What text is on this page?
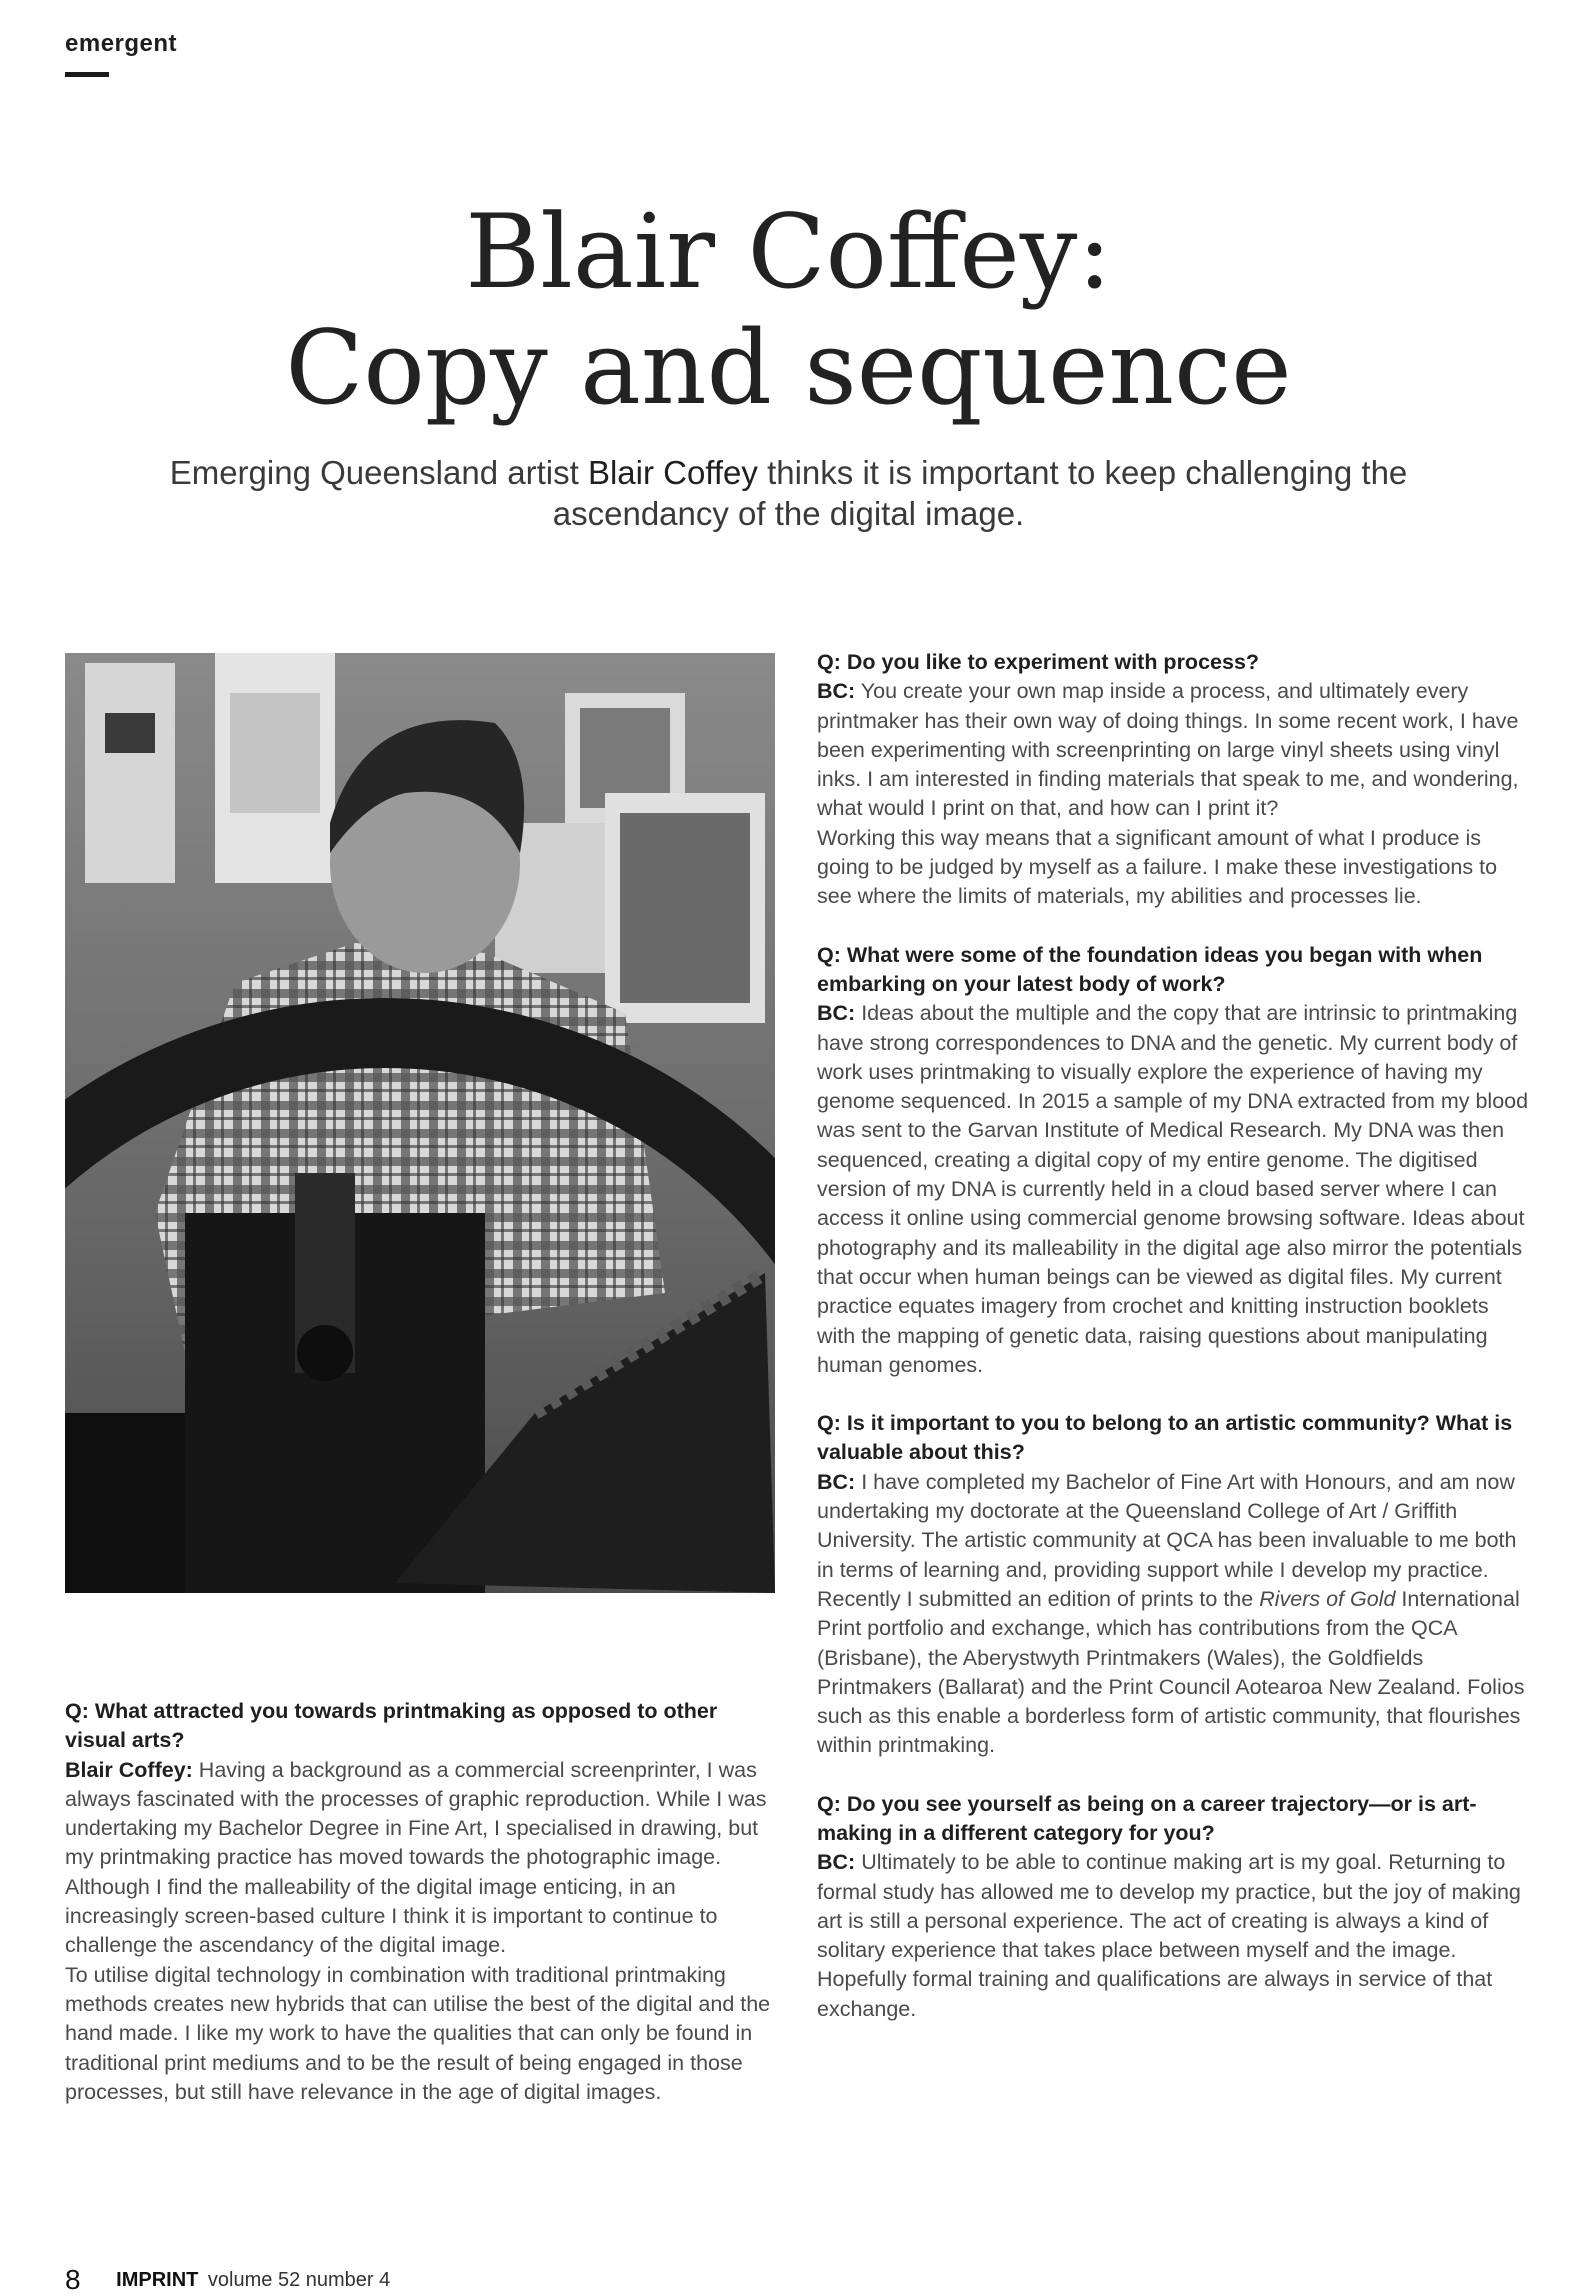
emergent
Blair Coffey:
Copy and sequence
Emerging Queensland artist Blair Coffey thinks it is important to keep challenging the ascendancy of the digital image.

Q: What attracted you towards printmaking as opposed to other visual arts?

Blair Coffey: Having a background as a commercial screenprinter, I was always fascinated with the processes of graphic reproduction. While I was undertaking my Bachelor Degree in Fine Art, I specialised in drawing, but my printmaking practice has moved towards the photographic image. Although I find the malleability of the digital image enticing, in an increasingly screen-based culture I think it is important to continue to challenge the ascendancy of the digital image.

To utilise digital technology in combination with traditional printmaking methods creates new hybrids that can utilise the best of the digital and the hand made. I like my work to have the qualities that can only be found in traditional print mediums and to be the result of being engaged in those processes, but still have relevance in the age of digital images.

Q: Do you like to experiment with process?

BC: You create your own map inside a process, and ultimately every printmaker has their own way of doing things. In some recent work, I have been experimenting with screenprinting on large vinyl sheets using vinyl inks. I am interested in finding materials that speak to me, and wondering, what would I print on that, and how can I print it?

Working this way means that a significant amount of what I produce is going to be judged by myself as a failure. I make these investigations to see where the limits of materials, my abilities and processes lie.

Q: What were some of the foundation ideas you began with when embarking on your latest body of work?

BC: Ideas about the multiple and the copy that are intrinsic to printmaking have strong correspondences to DNA and the genetic. My current body of work uses printmaking to visually explore the experience of having my genome sequenced. In 2015 a sample of my DNA extracted from my blood was sent to the Garvan Institute of Medical Research. My DNA was then sequenced, creating a digital copy of my entire genome. The digitised version of my DNA is currently held in a cloud based server where I can access it online using commercial genome browsing software. Ideas about photography and its malleability in the digital age also mirror the potentials that occur when human beings can be viewed as digital files. My current practice equates imagery from crochet and knitting instruction booklets with the mapping of genetic data, raising questions about manipulating human genomes.

Q: Is it important to you to belong to an artistic community? What is valuable about this?

BC: I have completed my Bachelor of Fine Art with Honours, and am now undertaking my doctorate at the Queensland College of Art / Griffith University. The artistic community at QCA has been invaluable to me both in terms of learning and, providing support while I develop my practice. Recently I submitted an edition of prints to the Rivers of Gold International Print portfolio and exchange, which has contributions from the QCA (Brisbane), the Aberystwyth Printmakers (Wales), the Goldfields Printmakers (Ballarat) and the Print Council Aotearoa New Zealand. Folios such as this enable a borderless form of artistic community, that flourishes within printmaking.

Q: Do you see yourself as being on a career trajectory—or is art-making in a different category for you?

BC: Ultimately to be able to continue making art is my goal. Returning to formal study has allowed me to develop my practice, but the joy of making art is still a personal experience. The act of creating is always a kind of solitary experience that takes place between myself and the image. Hopefully formal training and qualifications are always in service of that exchange.

8 IMPRINT volume 52 number 4
